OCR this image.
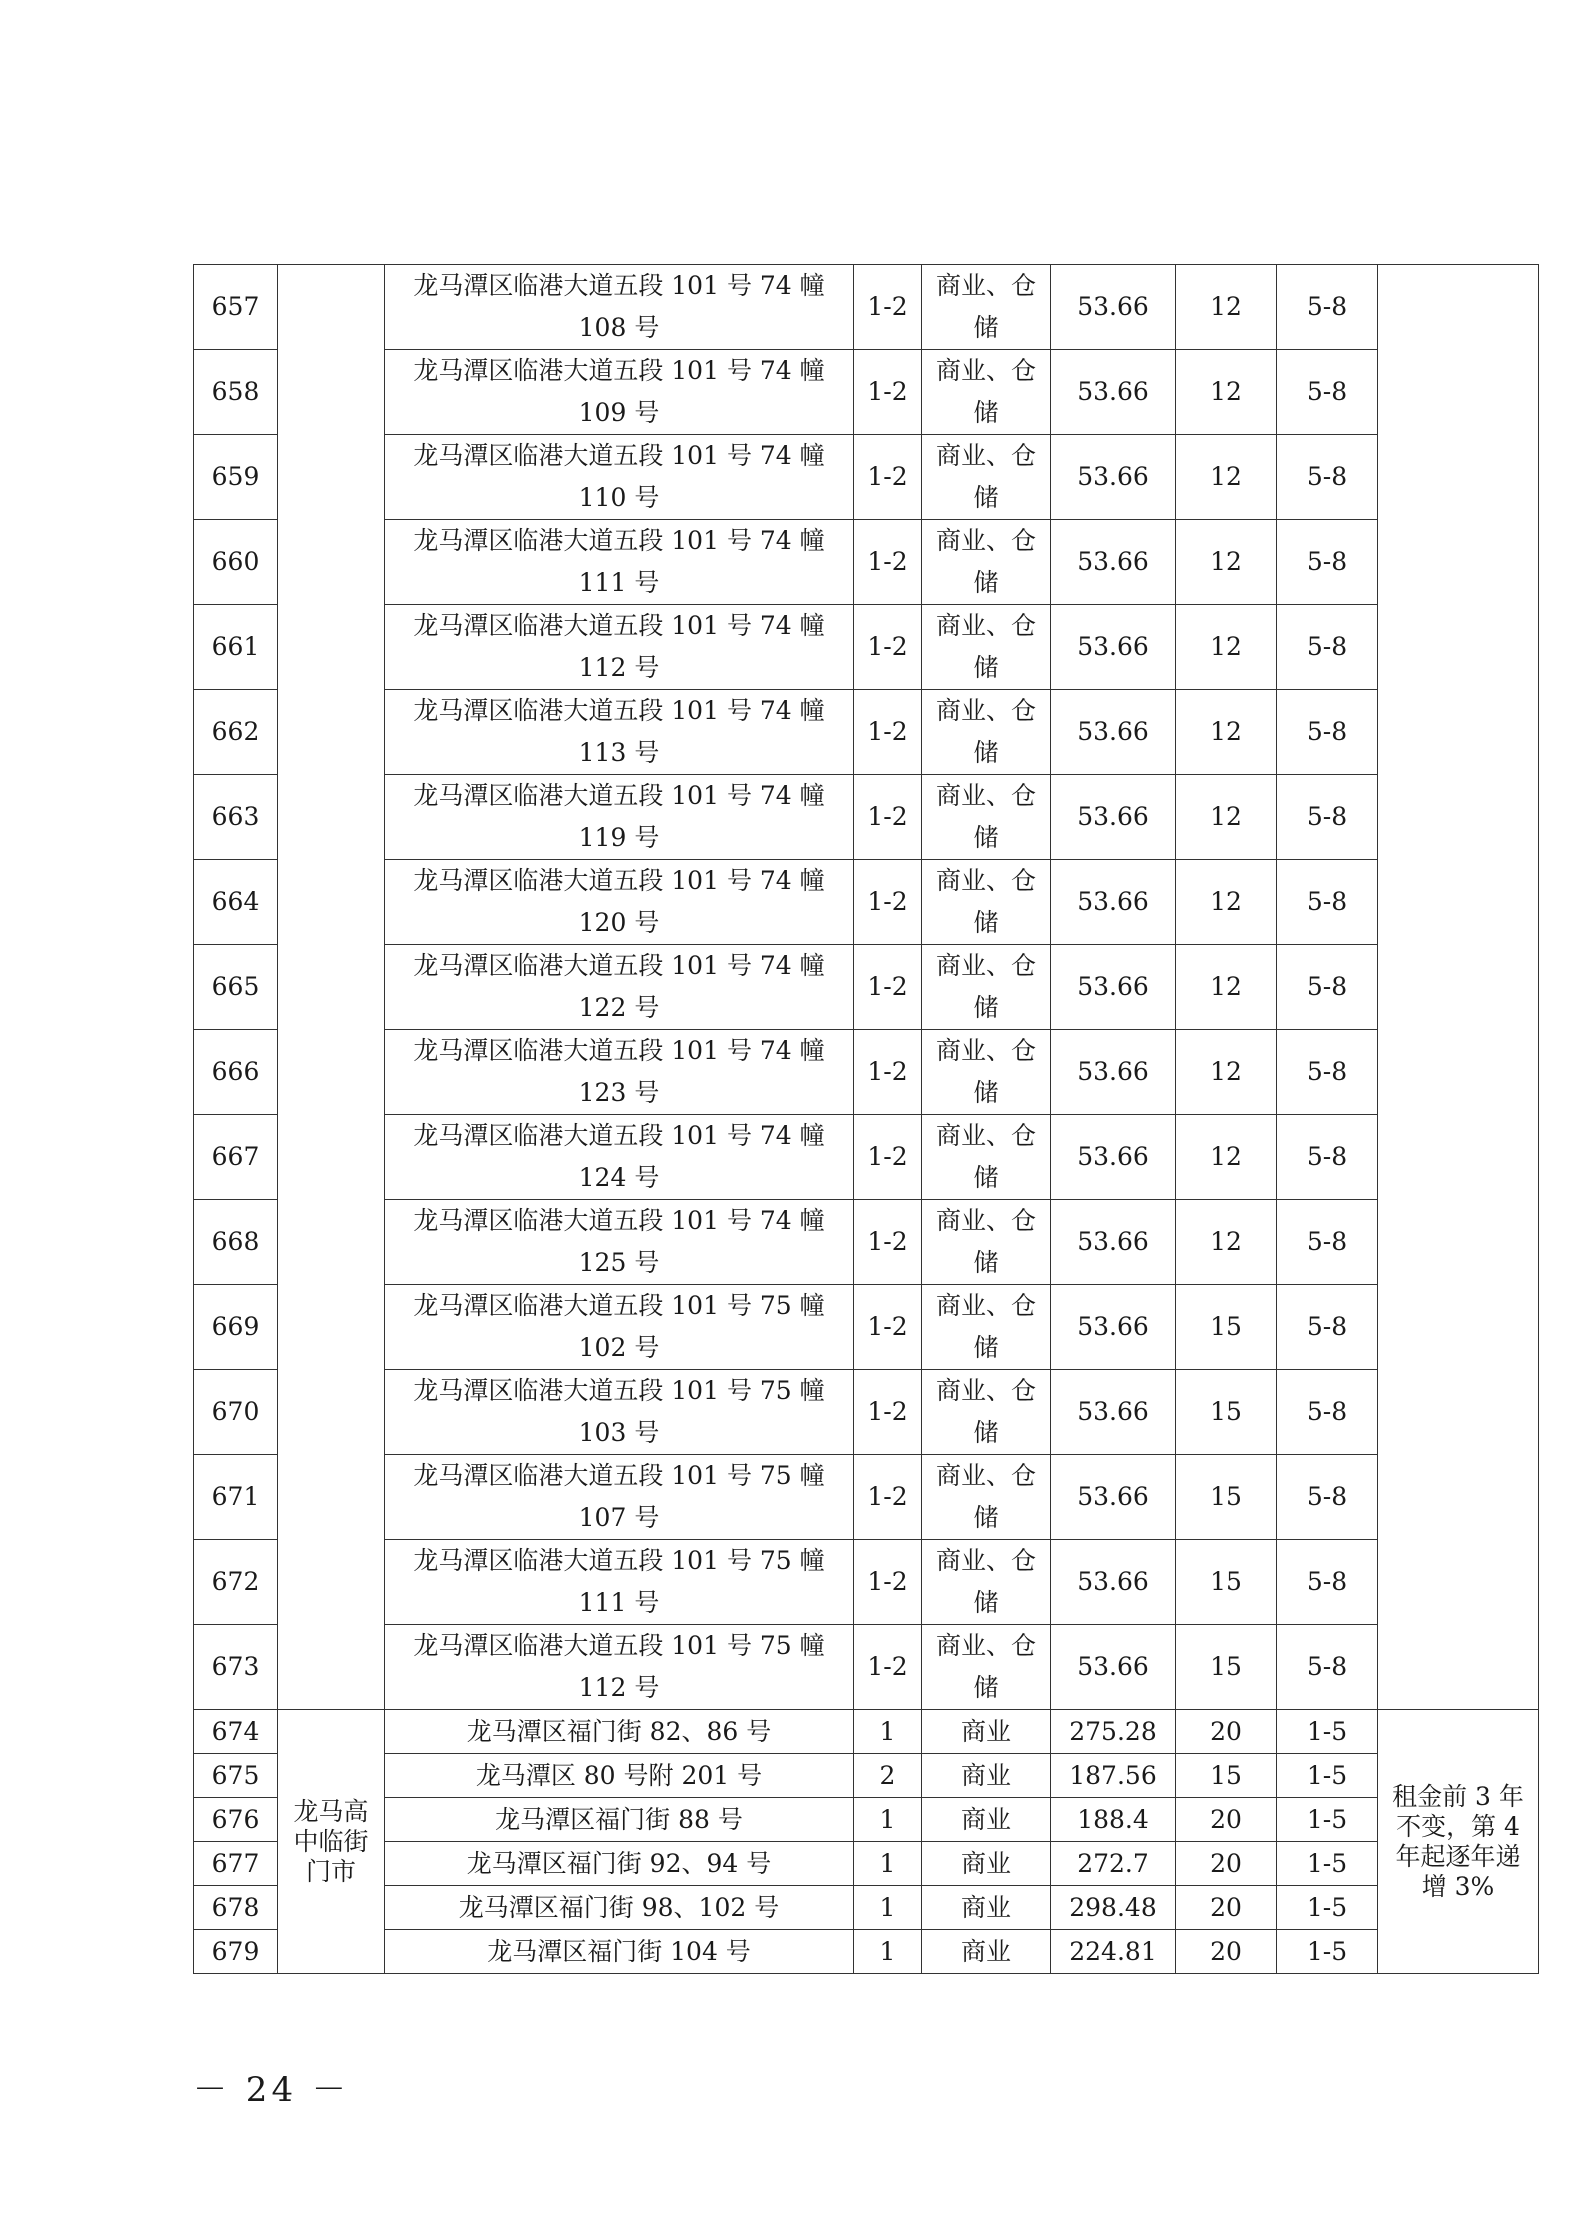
657		龙马潭区临港大道五段 101 号 74 幢 108 号	1-2	商业、仓储	53.66	12	5-8	
658		龙马潭区临港大道五段 101 号 74 幢 109 号	1-2	商业、仓储	53.66	12	5-8	
659		龙马潭区临港大道五段 101 号 74 幢 110 号	1-2	商业、仓储	53.66	12	5-8	
660		龙马潭区临港大道五段 101 号 74 幢 111 号	1-2	商业、仓储	53.66	12	5-8	
661		龙马潭区临港大道五段 101 号 74 幢 112 号	1-2	商业、仓储	53.66	12	5-8	
662		龙马潭区临港大道五段 101 号 74 幢 113 号	1-2	商业、仓储	53.66	12	5-8	
663		龙马潭区临港大道五段 101 号 74 幢 119 号	1-2	商业、仓储	53.66	12	5-8	
664		龙马潭区临港大道五段 101 号 74 幢 120 号	1-2	商业、仓储	53.66	12	5-8	
665		龙马潭区临港大道五段 101 号 74 幢 122 号	1-2	商业、仓储	53.66	12	5-8	
666		龙马潭区临港大道五段 101 号 74 幢 123 号	1-2	商业、仓储	53.66	12	5-8	
667		龙马潭区临港大道五段 101 号 74 幢 124 号	1-2	商业、仓储	53.66	12	5-8	
668		龙马潭区临港大道五段 101 号 74 幢 125 号	1-2	商业、仓储	53.66	12	5-8	
669		龙马潭区临港大道五段 101 号 75 幢 102 号	1-2	商业、仓储	53.66	15	5-8	
670		龙马潭区临港大道五段 101 号 75 幢 103 号	1-2	商业、仓储	53.66	15	5-8	
671		龙马潭区临港大道五段 101 号 75 幢 107 号	1-2	商业、仓储	53.66	15	5-8	
672		龙马潭区临港大道五段 101 号 75 幢 111 号	1-2	商业、仓储	53.66	15	5-8	
673		龙马潭区临港大道五段 101 号 75 幢 112 号	1-2	商业、仓储	53.66	15	5-8	
674	龙马高中临街门市	龙马潭区福门街 82、86 号	1	商业	275.28	20	1-5	租金前 3 年不变，第 4 年起逐年递增 3%
675		龙马潭区 80 号附 201 号	2	商业	187.56	15	1-5	
676		龙马潭区福门街 88 号	1	商业	188.4	20	1-5	
677		龙马潭区福门街 92、94 号	1	商业	272.7	20	1-5	
678		龙马潭区福门街 98、102 号	1	商业	298.48	20	1-5	
679		龙马潭区福门街 104 号	1	商业	224.81	20	1-5	
－ 24 －
